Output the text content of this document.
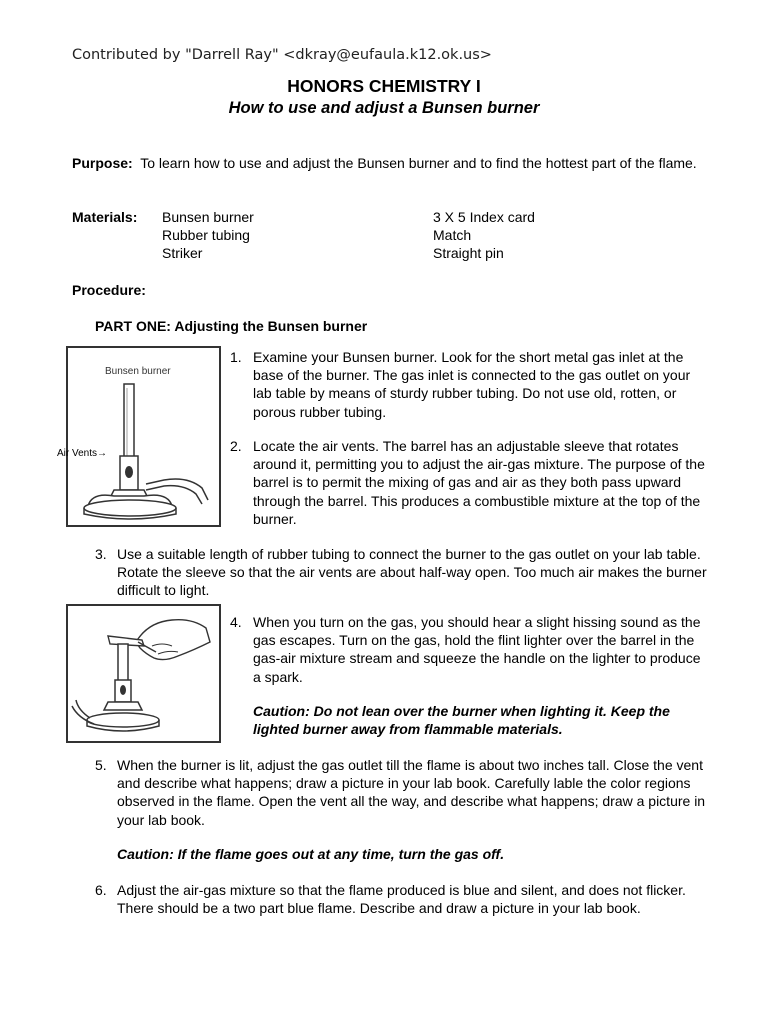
Contributed by "Darrell Ray" <dkray@eufaula.k12.ok.us>
HONORS CHEMISTRY I
How to use and adjust a Bunsen burner
Purpose: To learn how to use and adjust the Bunsen burner and to find the hottest part of the flame.
Materials: Bunsen burner
Rubber tubing
Striker
3 X 5 Index card
Match
Straight pin
Procedure:
PART ONE: Adjusting the Bunsen burner
Bunsen burner
Air Vents→
1. Examine your Bunsen burner. Look for the short metal gas inlet at the base of the burner. The gas inlet is connected to the gas outlet on your lab table by means of sturdy rubber tubing. Do not use old, rotten, or porous rubber tubing.
2. Locate the air vents. The barrel has an adjustable sleeve that rotates around it, permitting you to adjust the air-gas mixture. The purpose of the barrel is to permit the mixing of gas and air as they both pass upward through the barrel. This produces a combustible mixture at the top of the burner.
3. Use a suitable length of rubber tubing to connect the burner to the gas outlet on your lab table. Rotate the sleeve so that the air vents are about half-way open. Too much air makes the burner difficult to light.
4. When you turn on the gas, you should hear a slight hissing sound as the gas escapes. Turn on the gas, hold the flint lighter over the barrel in the gas-air mixture stream and squeeze the handle on the lighter to produce a spark.
Caution: Do not lean over the burner when lighting it. Keep the lighted burner away from flammable materials.
5. When the burner is lit, adjust the gas outlet till the flame is about two inches tall. Close the vent and describe what happens; draw a picture in your lab book. Carefully lable the color regions observed in the flame. Open the vent all the way, and describe what happens; draw a picture in your lab book.
Caution: If the flame goes out at any time, turn the gas off.
6. Adjust the air-gas mixture so that the flame produced is blue and silent, and does not flicker. There should be a two part blue flame. Describe and draw a picture in your lab book.
